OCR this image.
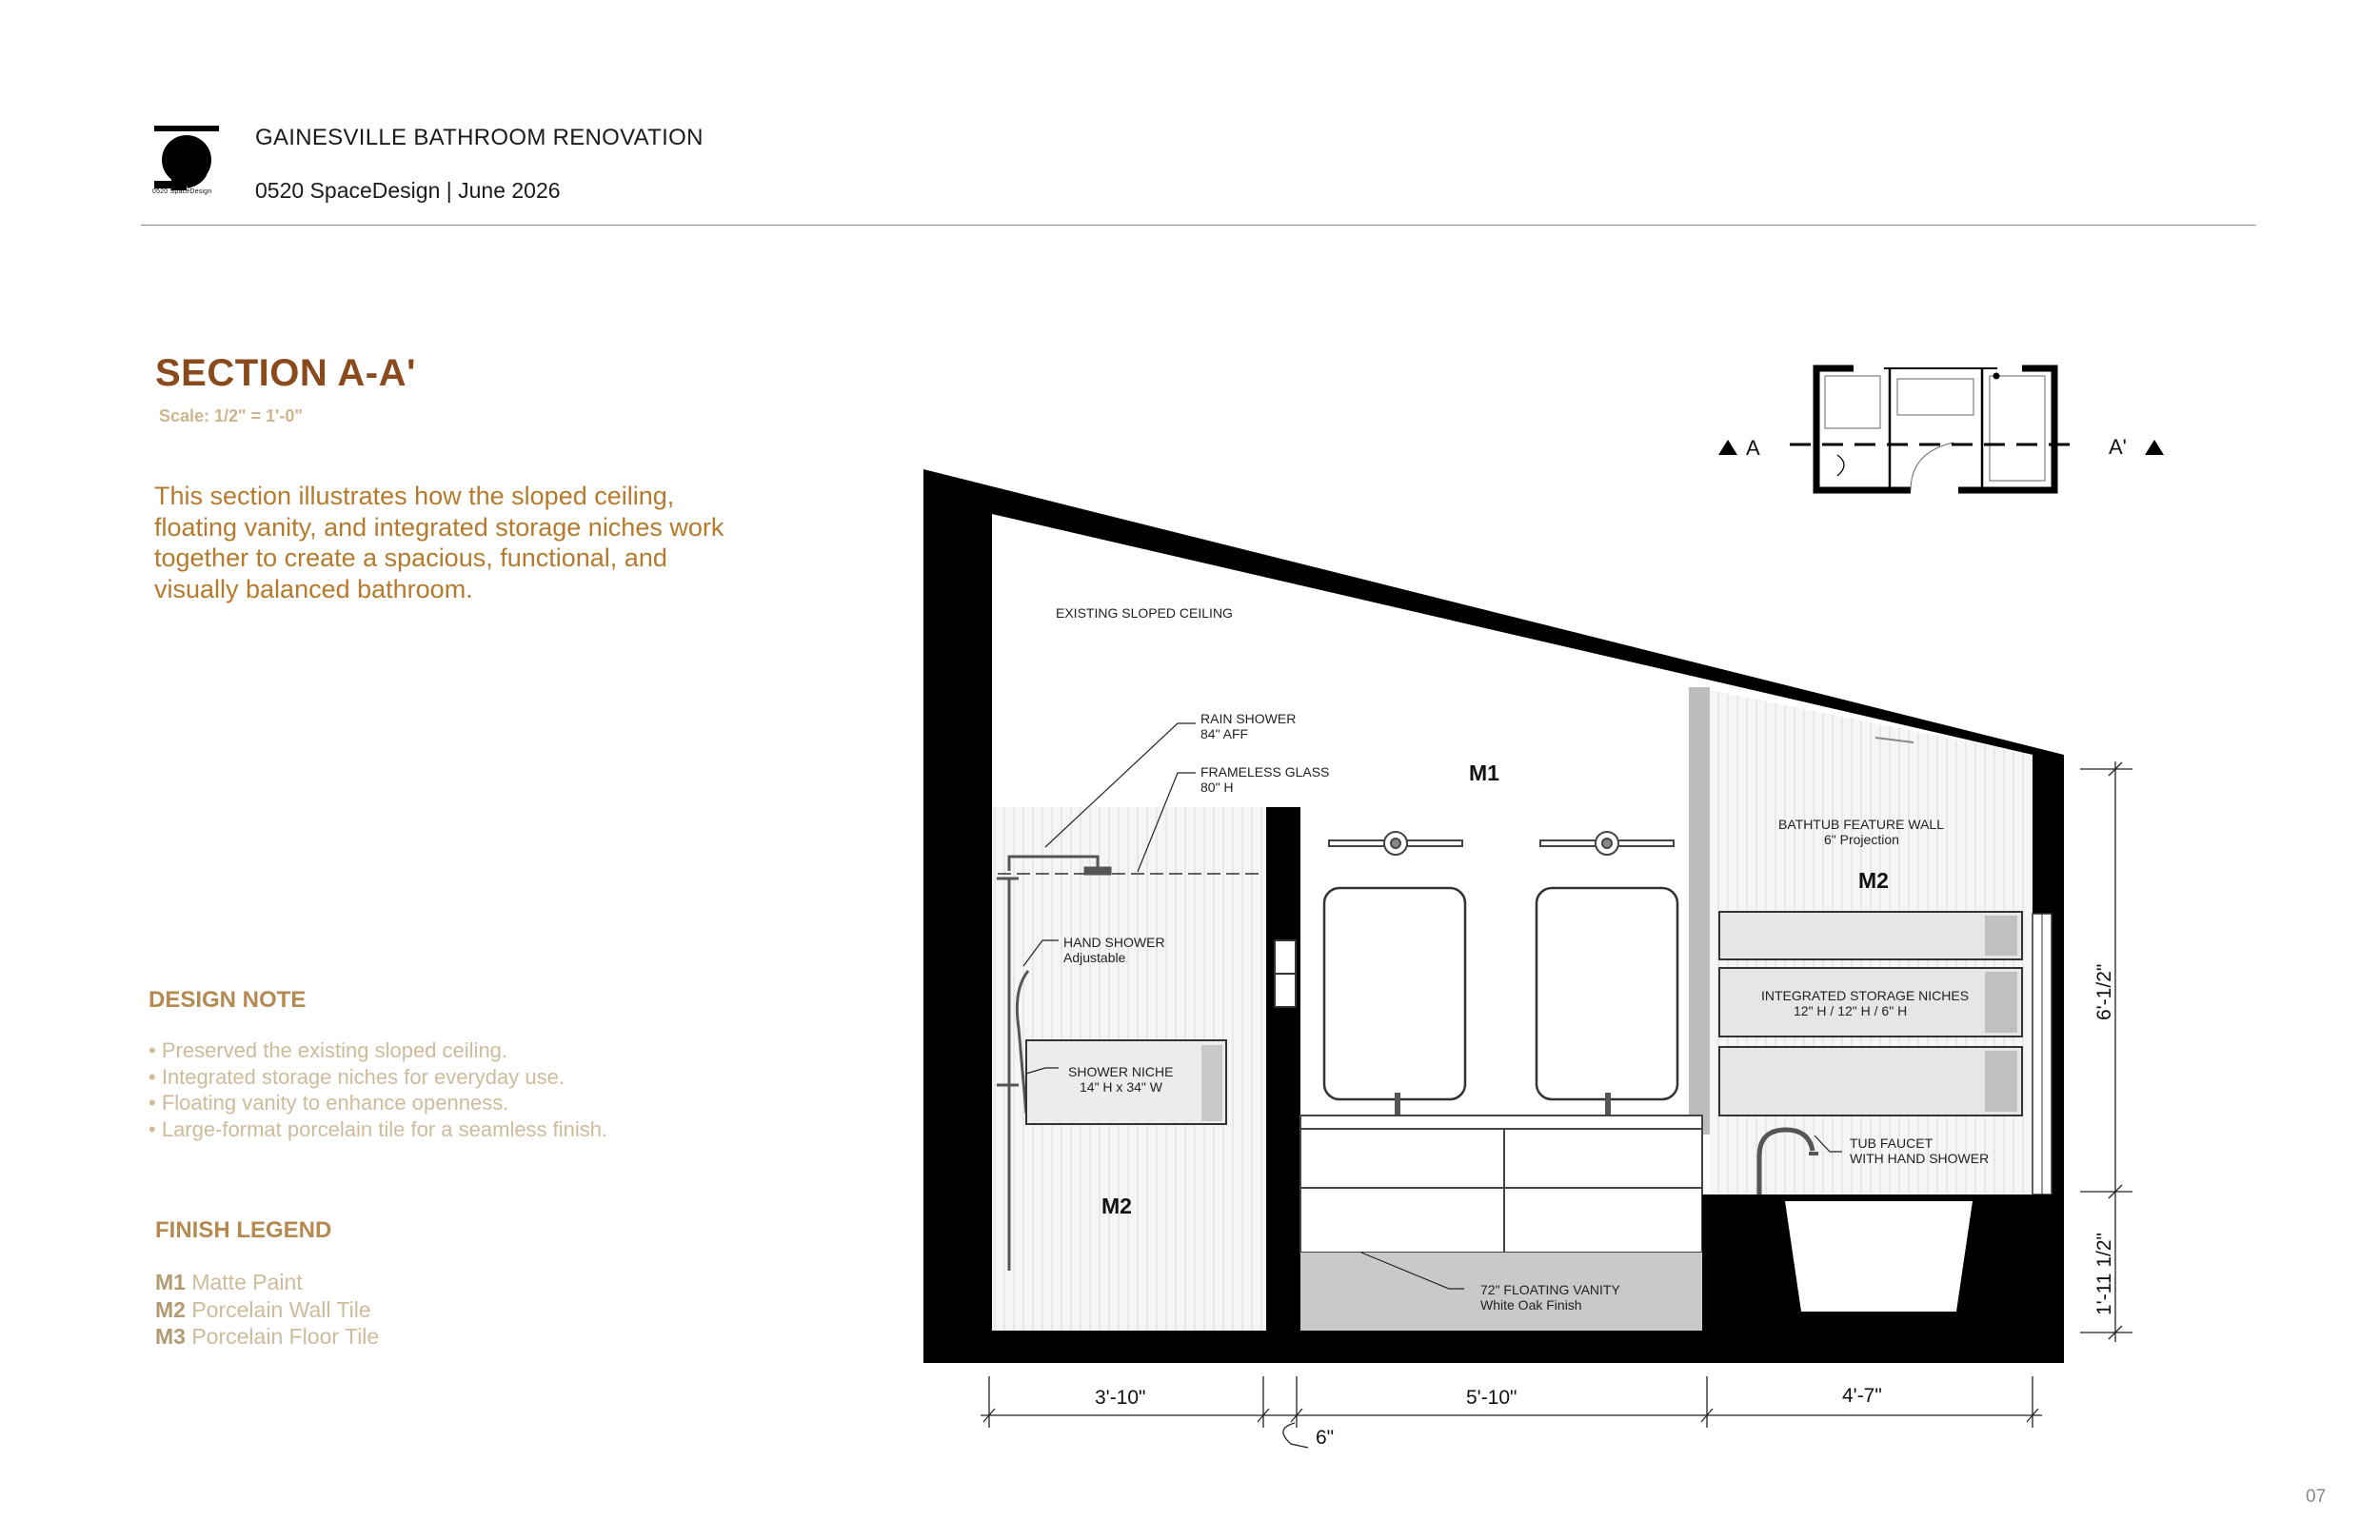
0520 SpaceDesign
GAINESVILLE BATHROOM RENOVATION
0520 SpaceDesign | June 2026
SECTION A-A'
Scale: 1/2" = 1'-0"
This section illustrates how the sloped ceiling, floating vanity, and integrated storage niches work together to create a spacious, functional, and visually balanced bathroom.
DESIGN NOTE
• Preserved the existing sloped ceiling.
• Integrated storage niches for everyday use.
• Floating vanity to enhance openness.
• Large-format porcelain tile for a seamless finish.
FINISH LEGEND
M1 Matte Paint
M2 Porcelain Wall Tile
M3 Porcelain Floor Tile
07
EXISTING SLOPED CEILING
RAIN SHOWER
84" AFF
FRAMELESS GLASS
80" H
HAND SHOWER
Adjustable
SHOWER NICHE
14" H x 34" W
BATHTUB FEATURE WALL
6" Projection
INTEGRATED STORAGE NICHES
12" H / 12" H / 6" H
TUB FAUCET
WITH HAND SHOWER
72" FLOATING VANITY
White Oak Finish
M1
M2
M2
3'-10"
6"
5'-10"	4'-7"
6'-1/2"
1'-11 1/2"
A	A'
